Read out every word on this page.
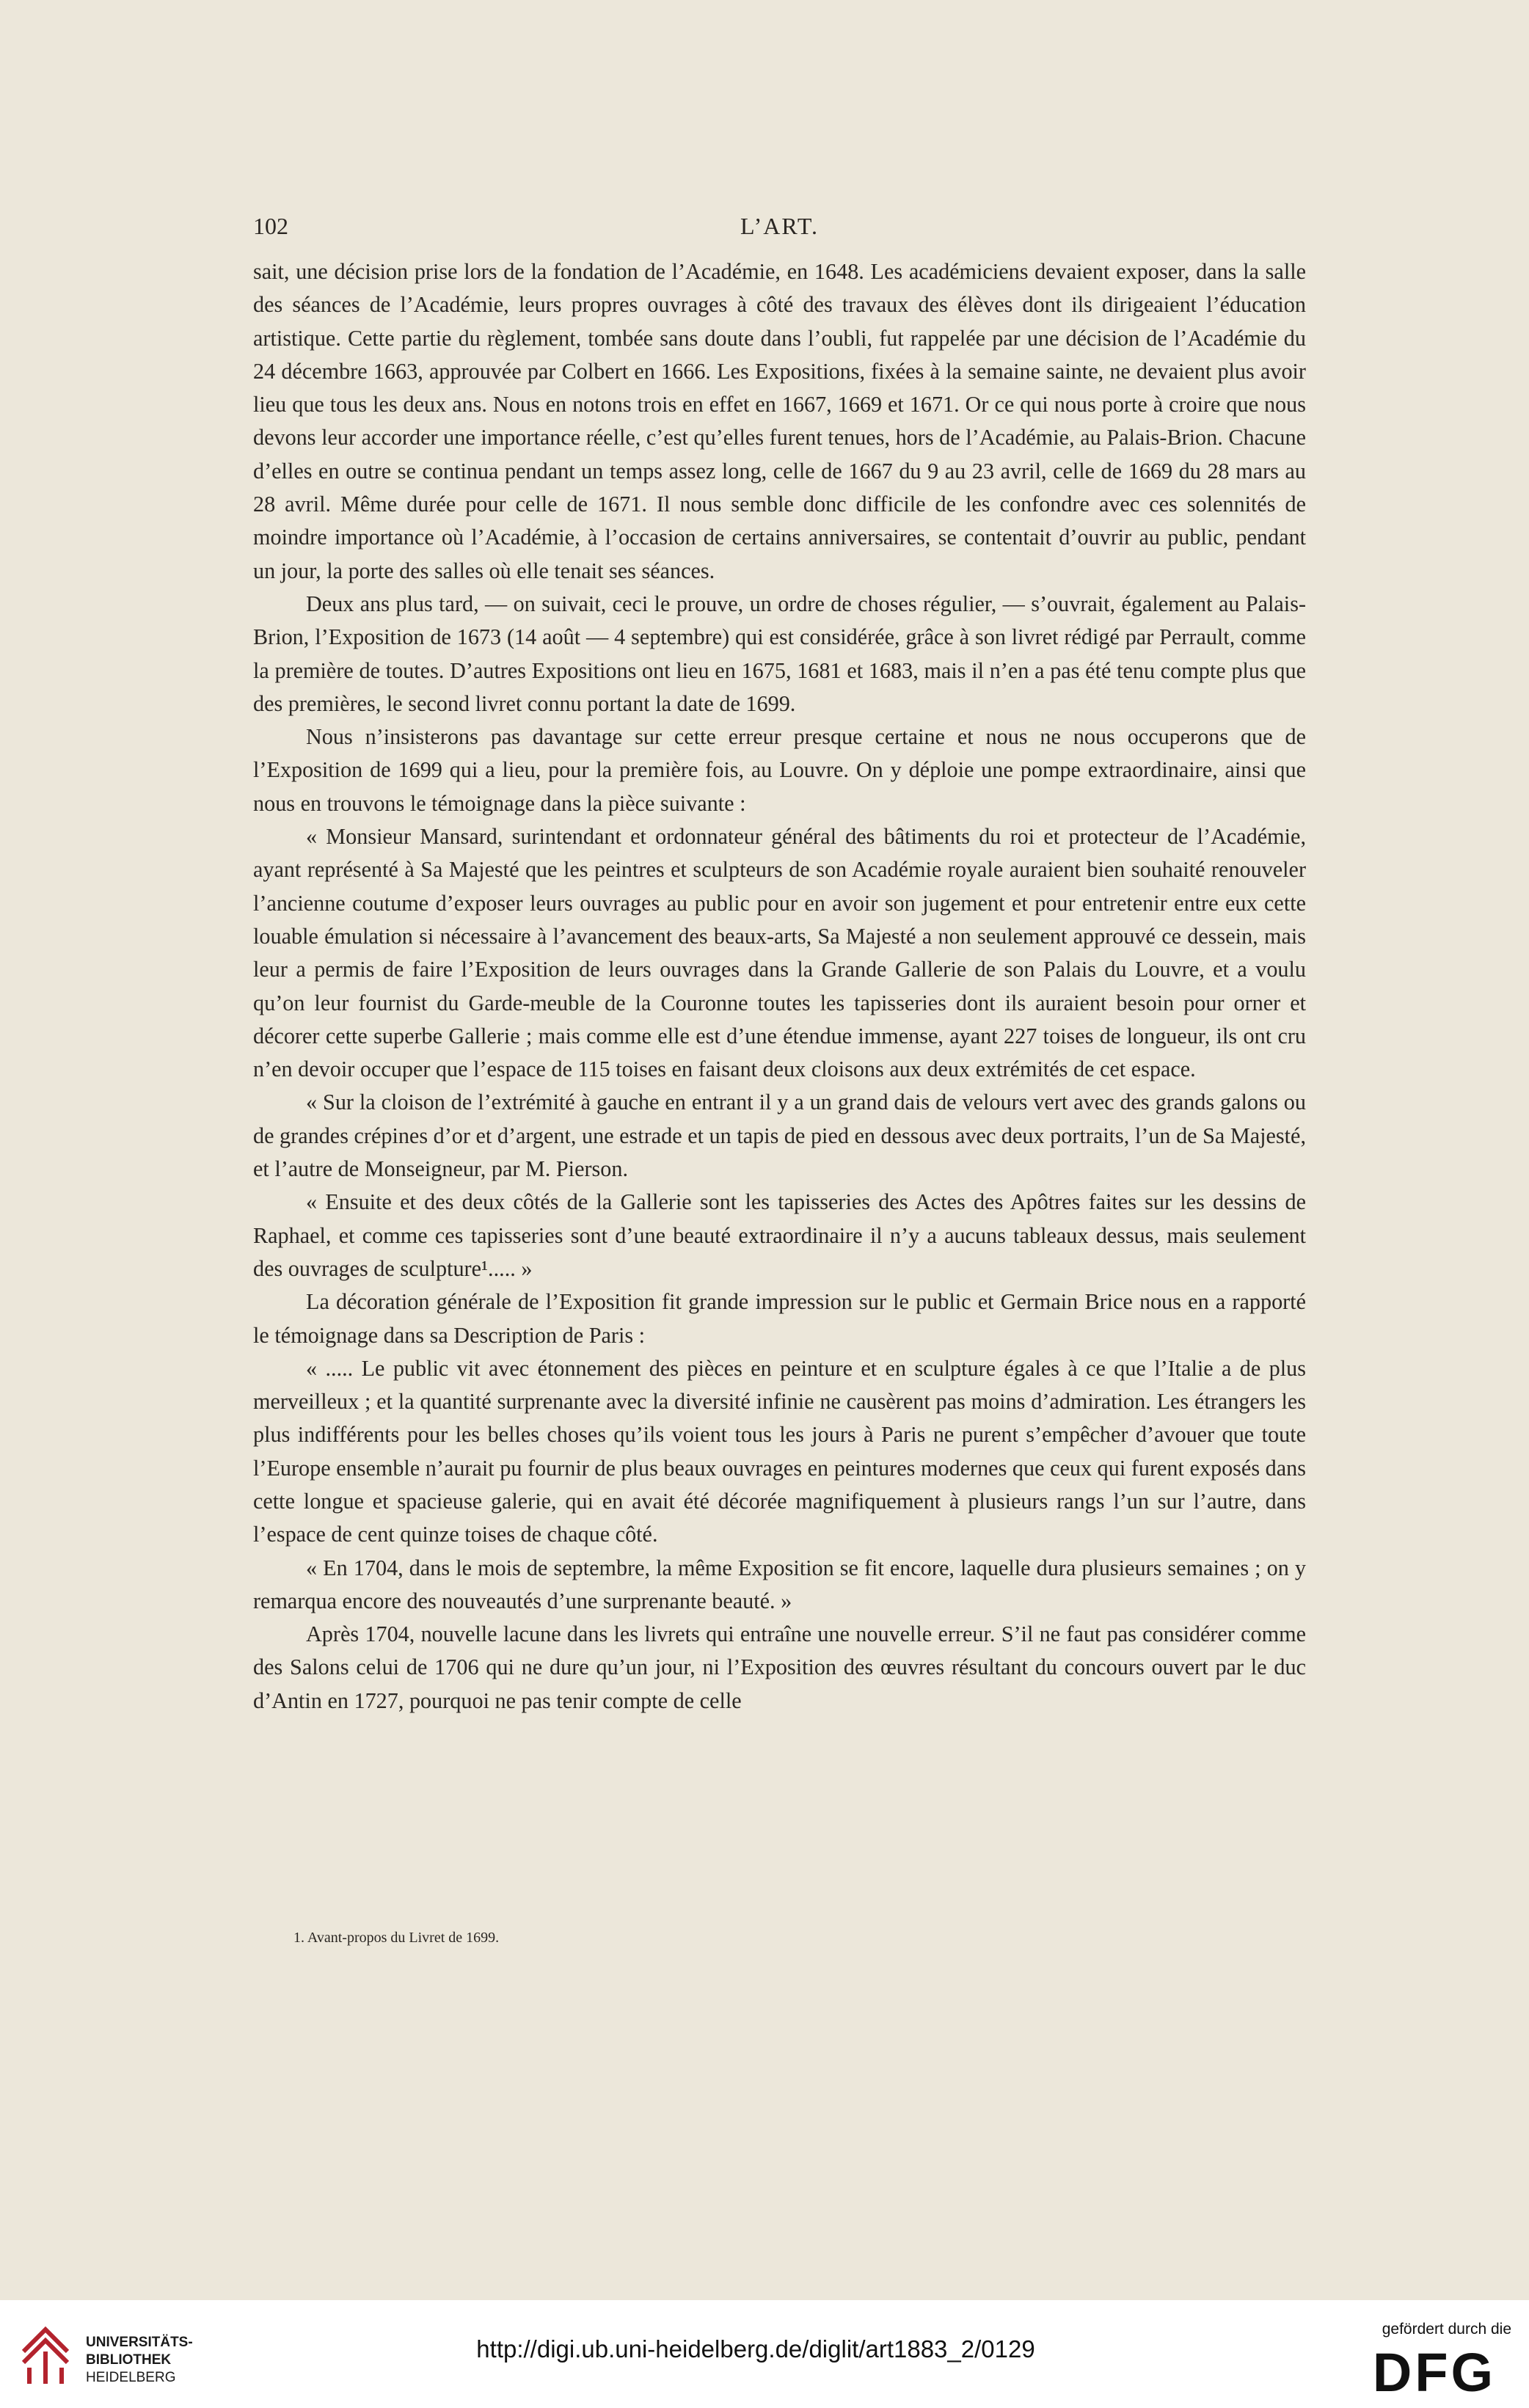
102	L’ART.

sait, une décision prise lors de la fondation de l’Académie, en 1648. Les académiciens devaient exposer, dans la salle des séances de l’Académie, leurs propres ouvrages à côté des travaux des élèves dont ils dirigeaient l’éducation artistique. Cette partie du règlement, tombée sans doute dans l’oubli, fut rappelée par une décision de l’Académie du 24 décembre 1663, approuvée par Colbert en 1666. Les Expositions, fixées à la semaine sainte, ne devaient plus avoir lieu que tous les deux ans. Nous en notons trois en effet en 1667, 1669 et 1671. Or ce qui nous porte à croire que nous devons leur accorder une importance réelle, c’est qu’elles furent tenues, hors de l’Académie, au Palais-Brion. Chacune d’elles en outre se continua pendant un temps assez long, celle de 1667 du 9 au 23 avril, celle de 1669 du 28 mars au 28 avril. Même durée pour celle de 1671. Il nous semble donc difficile de les confondre avec ces solennités de moindre importance où l’Académie, à l’occasion de certains anniversaires, se contentait d’ouvrir au public, pendant un jour, la porte des salles où elle tenait ses séances.

Deux ans plus tard, — on suivait, ceci le prouve, un ordre de choses régulier, — s’ouvrait, également au Palais-Brion, l’Exposition de 1673 (14 août — 4 septembre) qui est considérée, grâce à son livret rédigé par Perrault, comme la première de toutes. D’autres Expositions ont lieu en 1675, 1681 et 1683, mais il n’en a pas été tenu compte plus que des premières, le second livret connu portant la date de 1699.

Nous n’insisterons pas davantage sur cette erreur presque certaine et nous ne nous occuperons que de l’Exposition de 1699 qui a lieu, pour la première fois, au Louvre. On y déploie une pompe extraordinaire, ainsi que nous en trouvons le témoignage dans la pièce suivante :

« Monsieur Mansard, surintendant et ordonnateur général des bâtiments du roi et protecteur de l’Académie, ayant représenté à Sa Majesté que les peintres et sculpteurs de son Académie royale auraient bien souhaité renouveler l’ancienne coutume d’exposer leurs ouvrages au public pour en avoir son jugement et pour entretenir entre eux cette louable émulation si nécessaire à l’avancement des beaux-arts, Sa Majesté a non seulement approuvé ce dessein, mais leur a permis de faire l’Exposition de leurs ouvrages dans la Grande Gallerie de son Palais du Louvre, et a voulu qu’on leur fournist du Garde-meuble de la Couronne toutes les tapisseries dont ils auraient besoin pour orner et décorer cette superbe Gallerie ; mais comme elle est d’une étendue immense, ayant 227 toises de longueur, ils ont cru n’en devoir occuper que l’espace de 115 toises en faisant deux cloisons aux deux extrémités de cet espace.

« Sur la cloison de l’extrémité à gauche en entrant il y a un grand dais de velours vert avec des grands galons ou de grandes crépines d’or et d’argent, une estrade et un tapis de pied en dessous avec deux portraits, l’un de Sa Majesté, et l’autre de Monseigneur, par M. Pierson.

« Ensuite et des deux côtés de la Gallerie sont les tapisseries des Actes des Apôtres faites sur les dessins de Raphael, et comme ces tapisseries sont d’une beauté extraordinaire il n’y a aucuns tableaux dessus, mais seulement des ouvrages de sculpture¹..... »

La décoration générale de l’Exposition fit grande impression sur le public et Germain Brice nous en a rapporté le témoignage dans sa Description de Paris :

« ..... Le public vit avec étonnement des pièces en peinture et en sculpture égales à ce que l’Italie a de plus merveilleux ; et la quantité surprenante avec la diversité infinie ne causèrent pas moins d’admiration. Les étrangers les plus indifférents pour les belles choses qu’ils voient tous les jours à Paris ne purent s’empêcher d’avouer que toute l’Europe ensemble n’aurait pu fournir de plus beaux ouvrages en peintures modernes que ceux qui furent exposés dans cette longue et spacieuse galerie, qui en avait été décorée magnifiquement à plusieurs rangs l’un sur l’autre, dans l’espace de cent quinze toises de chaque côté.

« En 1704, dans le mois de septembre, la même Exposition se fit encore, laquelle dura plusieurs semaines ; on y remarqua encore des nouveautés d’une surprenante beauté. »

Après 1704, nouvelle lacune dans les livrets qui entraîne une nouvelle erreur. S’il ne faut pas considérer comme des Salons celui de 1706 qui ne dure qu’un jour, ni l’Exposition des œuvres résultant du concours ouvert par le duc d’Antin en 1727, pourquoi ne pas tenir compte de celle

1. Avant-propos du Livret de 1699.
UNIVERSITÄTS-
BIBLIOTHEK
HEIDELBERG
http://digi.ub.uni-heidelberg.de/diglit/art1883_2/0129
gefördert durch die
DFG
